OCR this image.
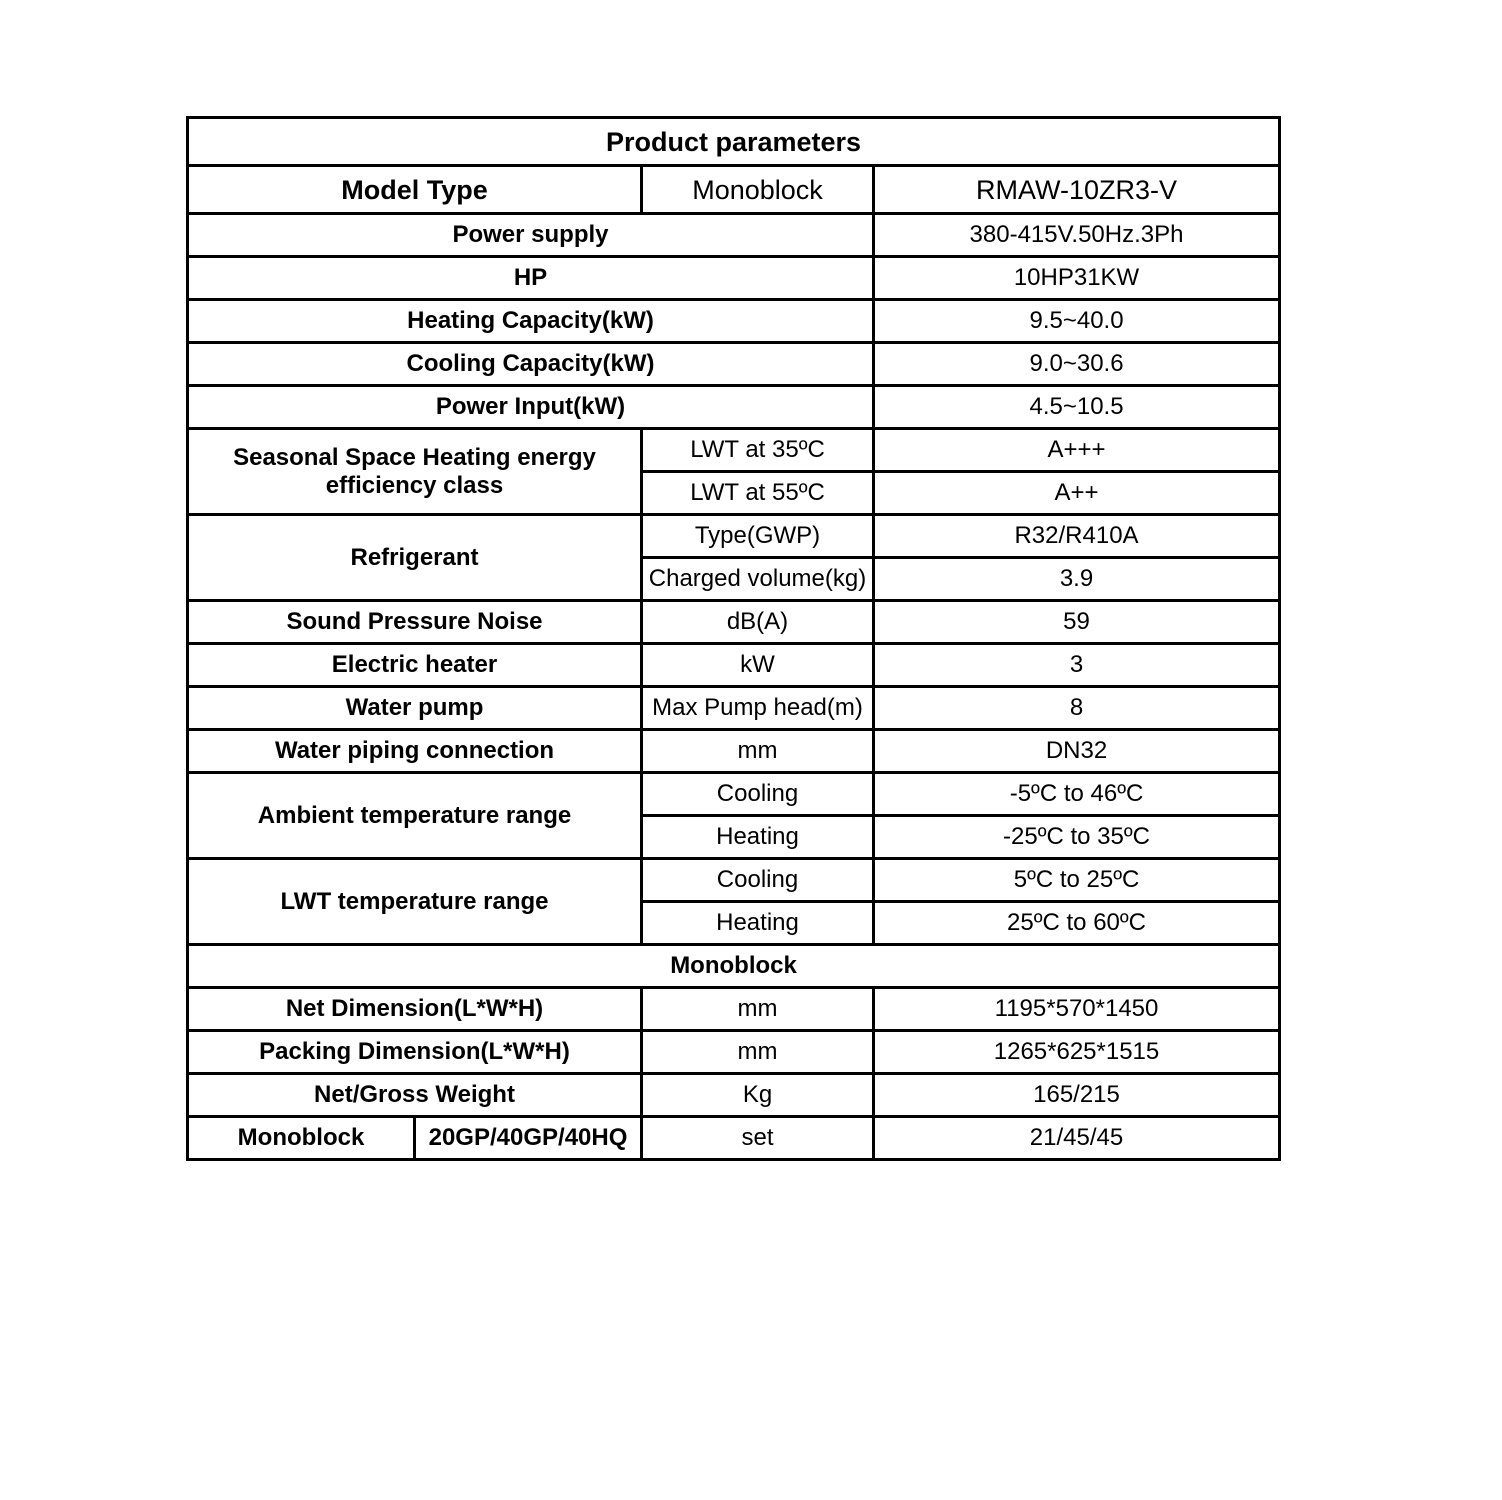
Product parameters			
Model Type		Monoblock	RMAW-10ZR3-V
Power supply			380-415V.50Hz.3Ph
HP			10HP31KW
Heating Capacity(kW)			9.5~40.0
Cooling Capacity(kW)			9.0~30.6
Power Input(kW)			4.5~10.5
Seasonal Space Heating energy efficiency class		LWT at 35ºC	A+++
		LWT at 55ºC	A++
Refrigerant		Type(GWP)	R32/R410A
		Charged volume(kg)	3.9
Sound Pressure Noise		dB(A)	59
Electric heater		kW	3
Water pump		Max Pump head(m)	8
Water piping connection		mm	DN32
Ambient temperature range		Cooling	-5ºC to 46ºC
		Heating	-25ºC to 35ºC
LWT temperature range		Cooling	5ºC to 25ºC
		Heating	25ºC to 60ºC
Monoblock			
Net Dimension(L*W*H)		mm	1195*570*1450
Packing Dimension(L*W*H)		mm	1265*625*1515
Net/Gross Weight		Kg	165/215
Monoblock	20GP/40GP/40HQ	set	21/45/45
